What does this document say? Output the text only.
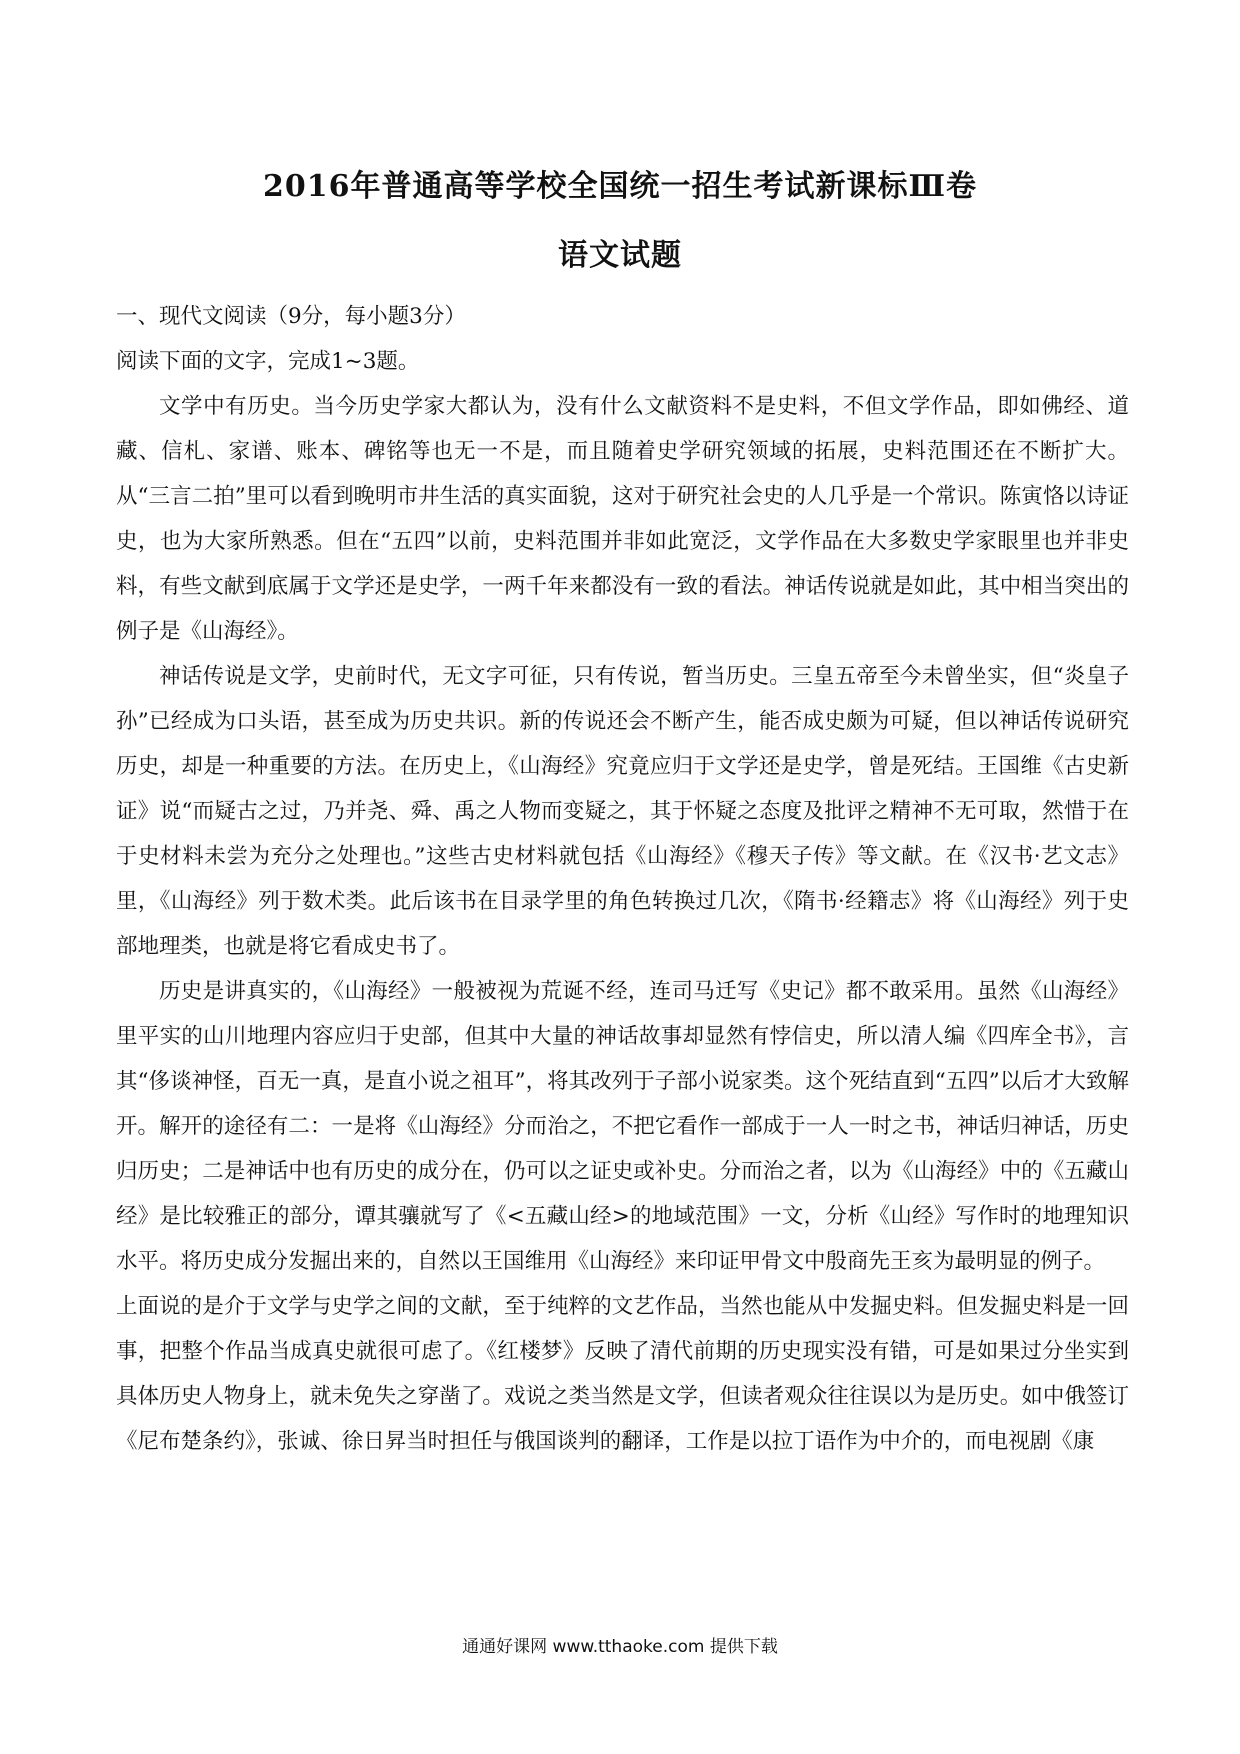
2016年普通高等学校全国统一招生考试新课标Ⅲ卷
语文试题

一、现代文阅读（9分，每小题3分）

阅读下面的文字，完成1~3题。

文学中有历史。当今历史学家大都认为，没有什么文献资料不是史料，不但文学作品，即如佛经、道藏、信札、家谱、账本、碑铭等也无一不是，而且随着史学研究领域的拓展，史料范围还在不断扩大。从“三言二拍”里可以看到晚明市井生活的真实面貌，这对于研究社会史的人几乎是一个常识。陈寅恪以诗证史，也为大家所熟悉。但在“五四”以前，史料范围并非如此宽泛，文学作品在大多数史学家眼里也并非史料，有些文献到底属于文学还是史学，一两千年来都没有一致的看法。神话传说就是如此，其中相当突出的例子是《山海经》。

神话传说是文学，史前时代，无文字可征，只有传说，暂当历史。三皇五帝至今未曾坐实，但“炎皇子孙”已经成为口头语，甚至成为历史共识。新的传说还会不断产生，能否成史颇为可疑，但以神话传说研究历史，却是一种重要的方法。在历史上，《山海经》究竟应归于文学还是史学，曾是死结。王国维《古史新证》说“而疑古之过，乃并尧、舜、禹之人物而变疑之，其于怀疑之态度及批评之精神不无可取，然惜于在于史材料未尝为充分之处理也。”这些古史材料就包括《山海经》《穆天子传》等文献。在《汉书·艺文志》里，《山海经》列于数术类。此后该书在目录学里的角色转换过几次，《隋书·经籍志》将《山海经》列于史部地理类，也就是将它看成史书了。

历史是讲真实的，《山海经》一般被视为荒诞不经，连司马迁写《史记》都不敢采用。虽然《山海经》里平实的山川地理内容应归于史部，但其中大量的神话故事却显然有悖信史，所以清人编《四库全书》，言其“侈谈神怪，百无一真，是直小说之祖耳”，将其改列于子部小说家类。这个死结直到“五四”以后才大致解开。解开的途径有二：一是将《山海经》分而治之，不把它看作一部成于一人一时之书，神话归神话，历史归历史；二是神话中也有历史的成分在，仍可以之证史或补史。分而治之者，以为《山海经》中的《五藏山经》是比较雅正的部分，谭其骧就写了《<五藏山经>的地域范围》一文，分析《山经》写作时的地理知识水平。将历史成分发掘出来的，自然以王国维用《山海经》来印证甲骨文中殷商先王亥为最明显的例子。

上面说的是介于文学与史学之间的文献，至于纯粹的文艺作品，当然也能从中发掘史料。但发掘史料是一回事，把整个作品当成真史就很可虑了。《红楼梦》反映了清代前期的历史现实没有错，可是如果过分坐实到具体历史人物身上，就未免失之穿凿了。戏说之类当然是文学，但读者观众往往误以为是历史。如中俄签订《尼布楚条约》，张诚、徐日昇当时担任与俄国谈判的翻译，工作是以拉丁语作为中介的，而电视剧《康

通通好课网 www.tthaoke.com 提供下载
